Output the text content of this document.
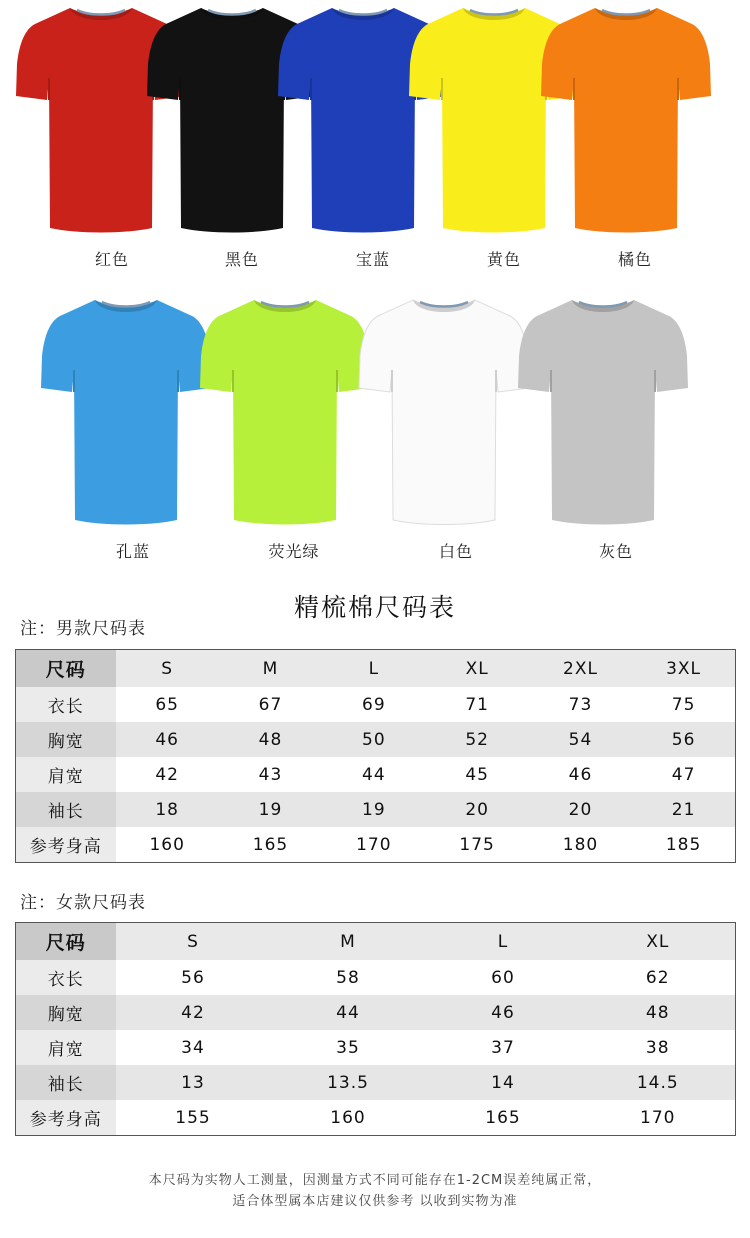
红色	黑色	宝蓝	黄色	橘色
孔蓝	荧光绿	白色	灰色
精梳棉尺码表
注：男款尺码表
尺码	S	M	L	XL	2XL	3XL
衣长	65	67	69	71	73	75
胸宽	46	48	50	52	54	56
肩宽	42	43	44	45	46	47
袖长	18	19	19	20	20	21
参考身高	160	165	170	175	180	185
注：女款尺码表
尺码	S	M	L	XL
衣长	56	58	60	62
胸宽	42	44	46	48
肩宽	34	35	37	38
袖长	13	13.5	14	14.5
参考身高	155	160	165	170
本尺码为实物人工测量，因测量方式不同可能存在1-2CM误差纯属正常，
适合体型属本店建议仅供参考 以收到实物为准
